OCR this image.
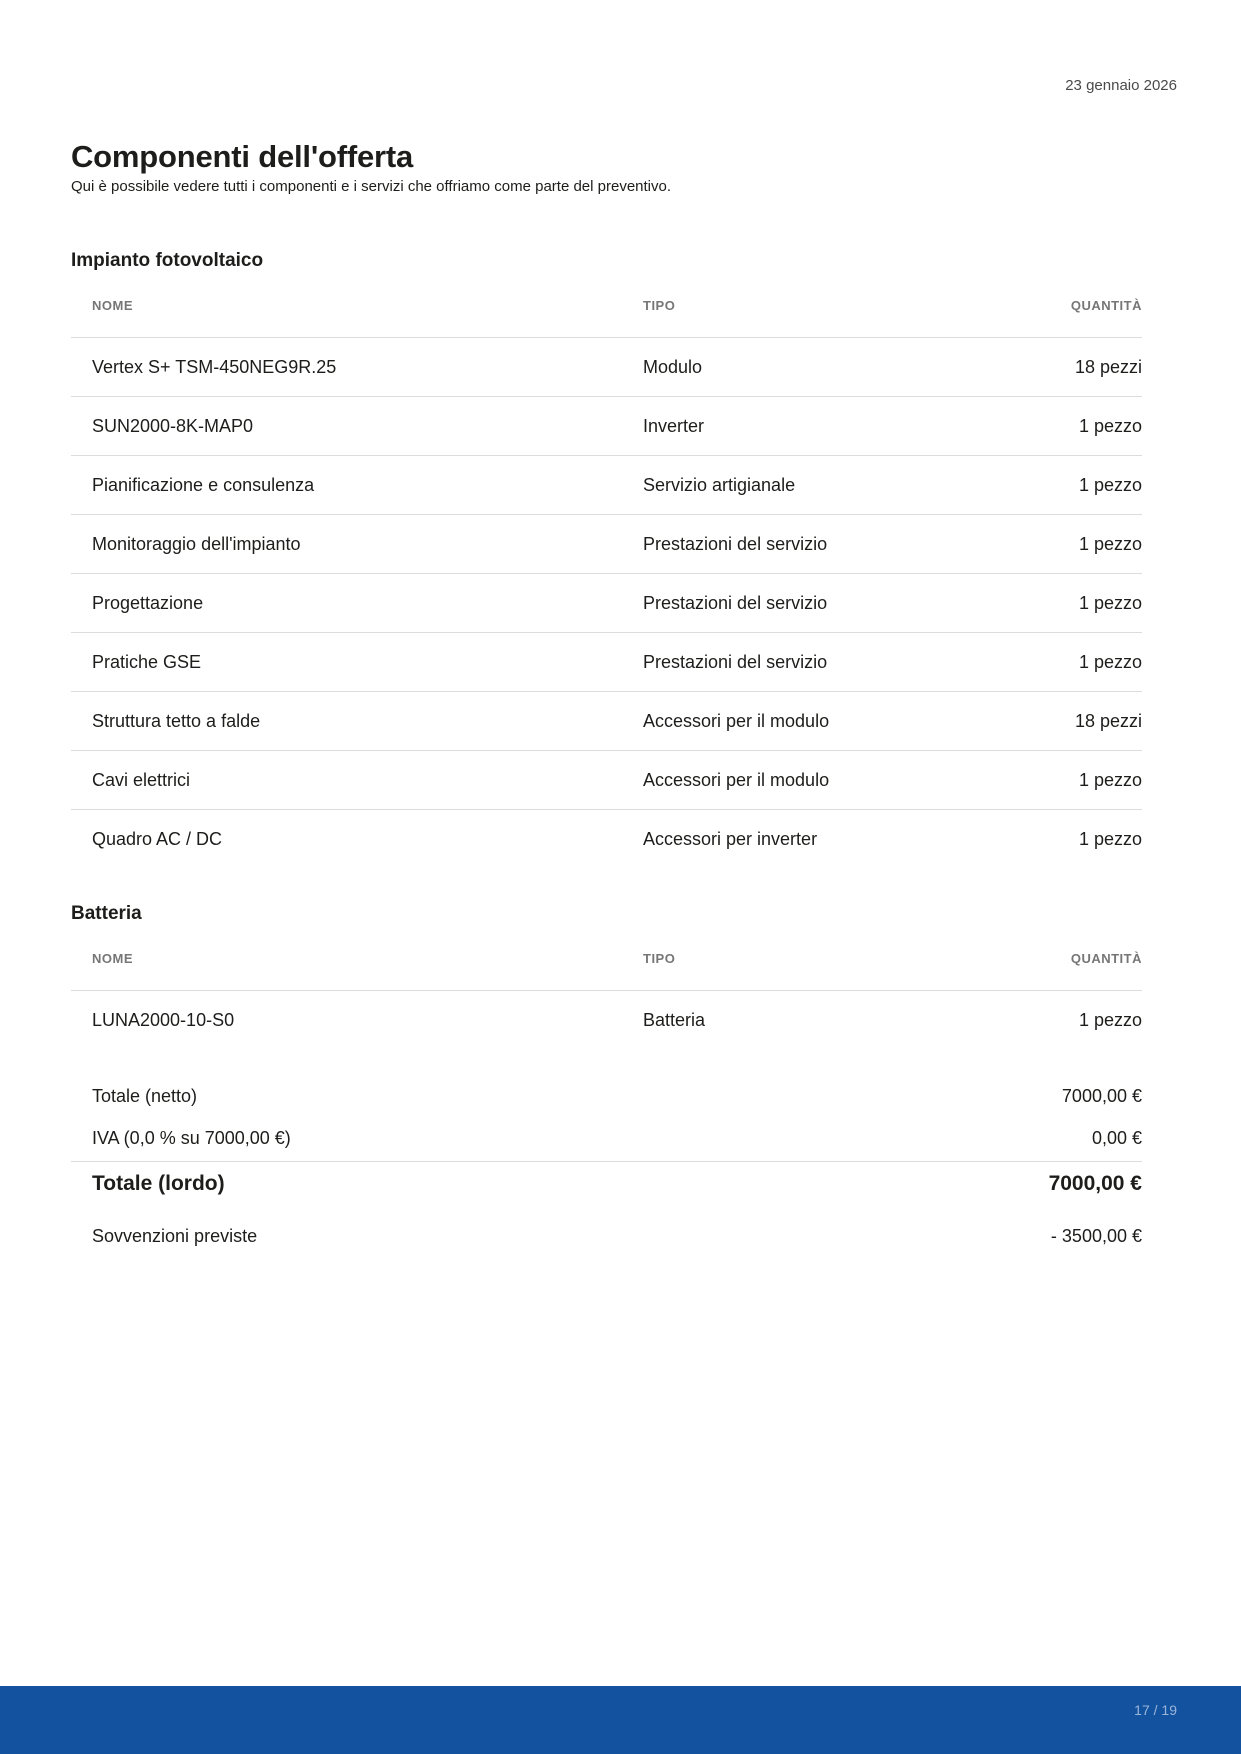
23 gennaio 2026
Componenti dell'offerta

Qui è possibile vedere tutti i componenti e i servizi che offriamo come parte del preventivo.

Impianto fotovoltaico
NOME	TIPO	QUANTITÀ
Vertex S+ TSM-450NEG9R.25	Modulo	18 pezzi
SUN2000-8K-MAP0	Inverter	1 pezzo
Pianificazione e consulenza	Servizio artigianale	1 pezzo
Monitoraggio dell'impianto	Prestazioni del servizio	1 pezzo
Progettazione	Prestazioni del servizio	1 pezzo
Pratiche GSE	Prestazioni del servizio	1 pezzo
Struttura tetto a falde	Accessori per il modulo	18 pezzi
Cavi elettrici	Accessori per il modulo	1 pezzo
Quadro AC / DC	Accessori per inverter	1 pezzo
Batteria
NOME	TIPO	QUANTITÀ
LUNA2000-10-S0	Batteria	1 pezzo
Totale (netto)	7000,00 €
IVA (0,0 % su 7000,00 €)	0,00 €
Totale (lordo)	7000,00 €
Sovvenzioni previste	- 3500,00 €
17 / 19
